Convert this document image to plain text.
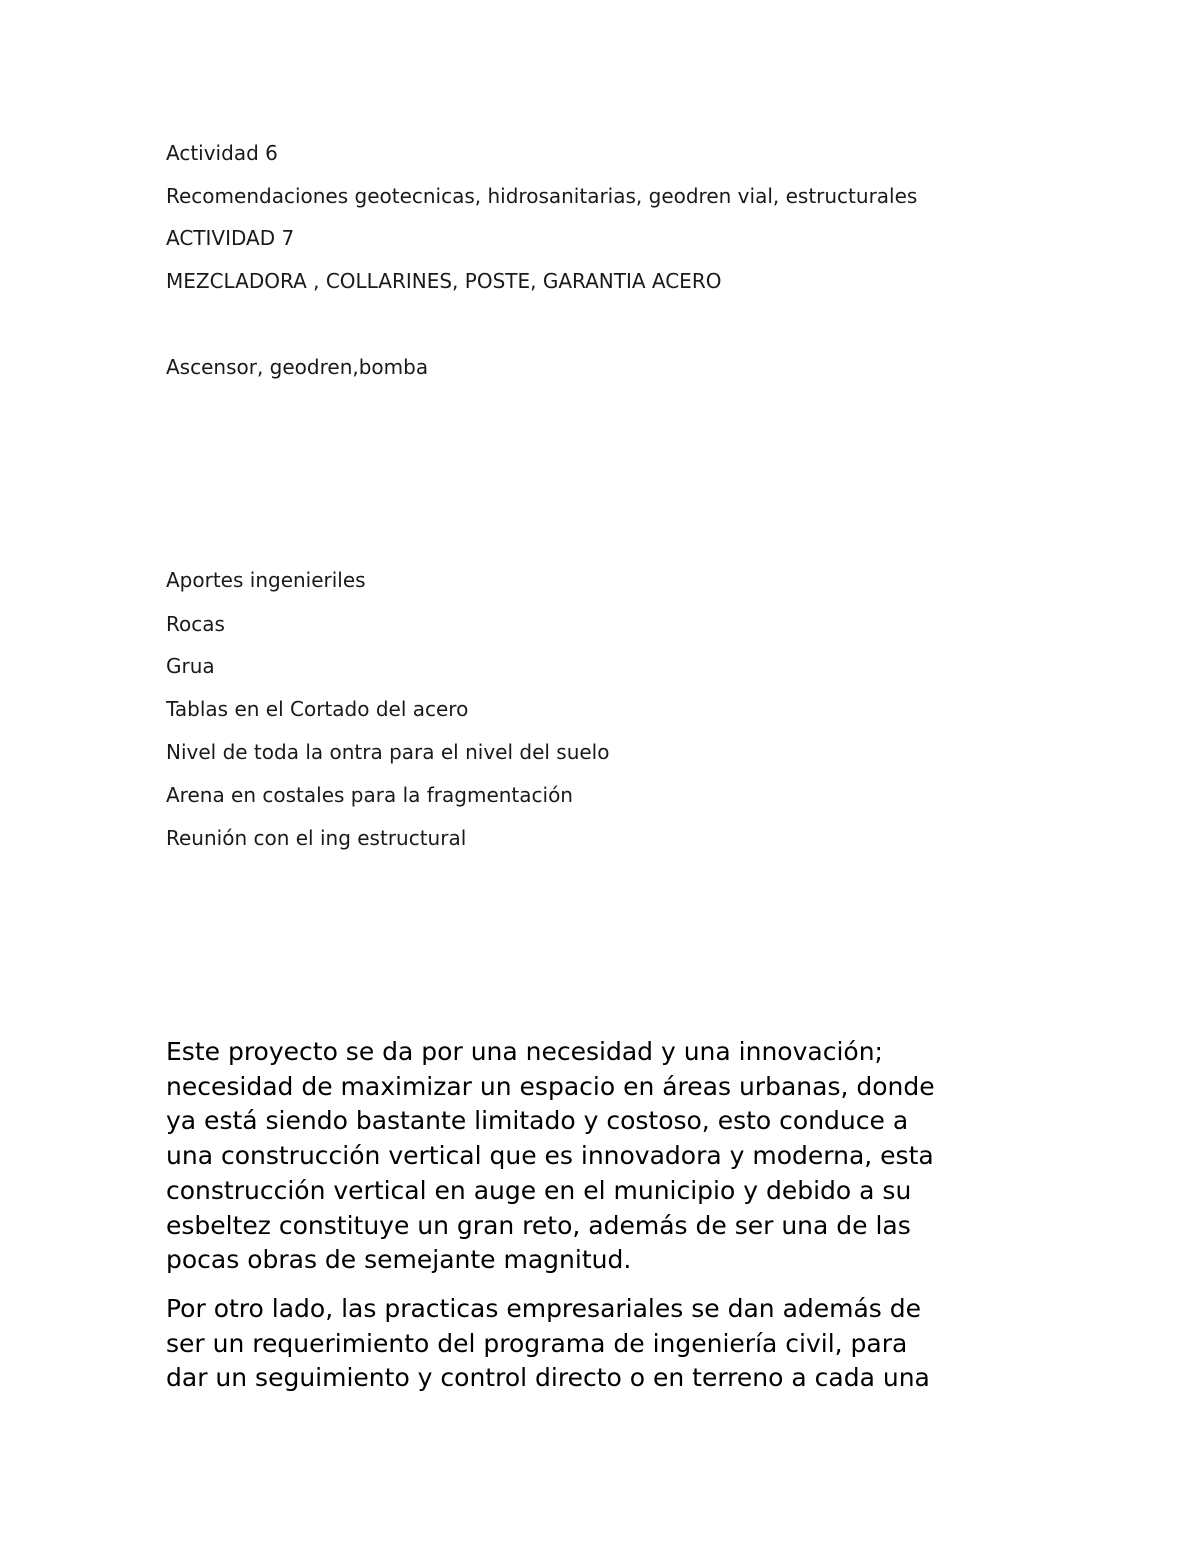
Actividad 6

Recomendaciones geotecnicas, hidrosanitarias, geodren vial, estructurales

ACTIVIDAD 7

MEZCLADORA , COLLARINES, POSTE, GARANTIA ACERO

Ascensor, geodren,bomba

Aportes ingenieriles

Rocas

Grua

Tablas en el Cortado del acero

Nivel de toda la ontra para el nivel del suelo

Arena en costales para la fragmentación

Reunión con el ing estructural

Este proyecto se da por una necesidad y una innovación;
necesidad de maximizar un espacio en áreas urbanas, donde
ya está siendo bastante limitado y costoso, esto conduce a
una construcción vertical que es innovadora y moderna, esta
construcción vertical en auge en el municipio y debido a su
esbeltez constituye un gran reto, además de ser una de las
pocas obras de semejante magnitud.
Por otro lado, las practicas empresariales se dan además de
ser un requerimiento del programa de ingeniería civil, para
dar un seguimiento y control directo o en terreno a cada una
